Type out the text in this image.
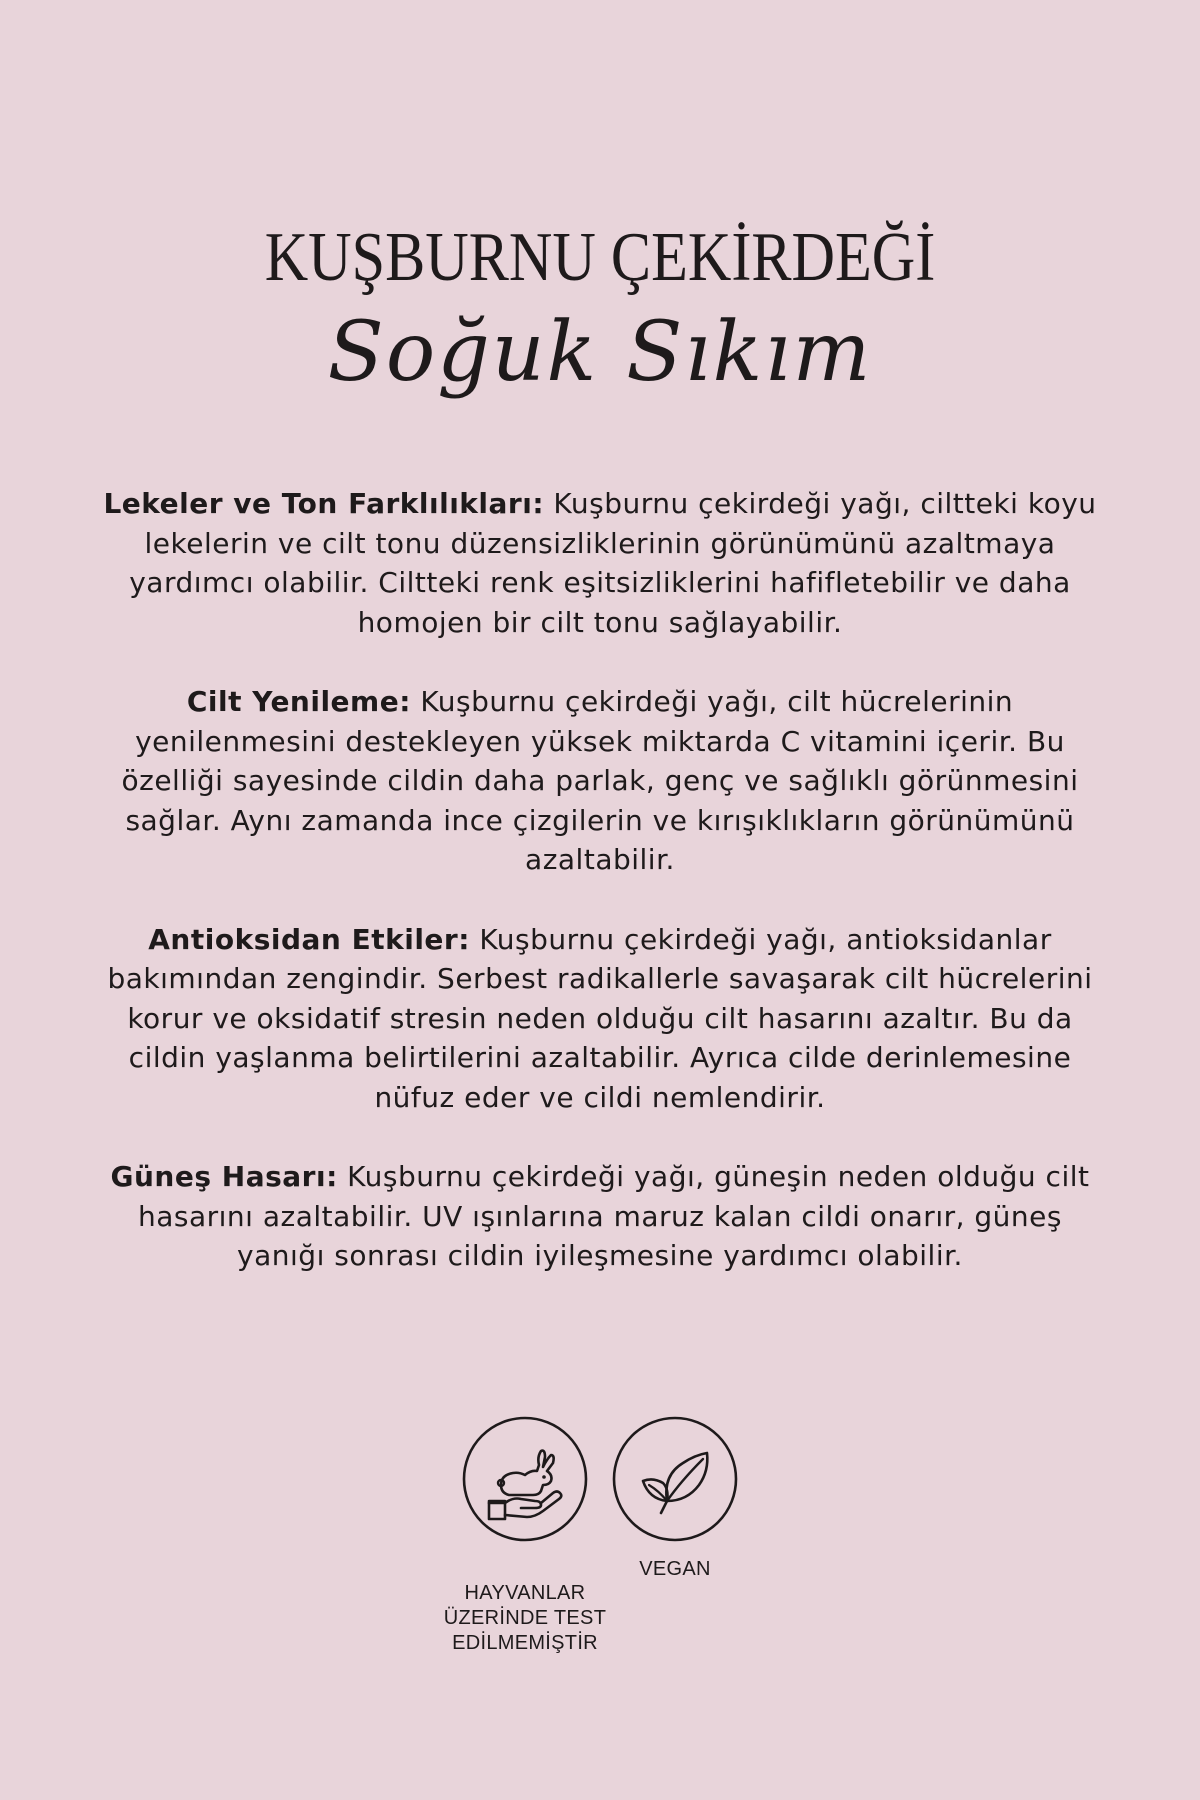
KUŞBURNU ÇEKİRDEĞİ
Soğuk Sıkım

Lekeler ve Ton Farklılıkları: Kuşburnu çekirdeği yağı, ciltteki koyu lekelerin ve cilt tonu düzensizliklerinin görünümünü azaltmaya yardımcı olabilir. Ciltteki renk eşitsizliklerini hafifletebilir ve daha homojen bir cilt tonu sağlayabilir.

Cilt Yenileme: Kuşburnu çekirdeği yağı, cilt hücrelerinin yenilenmesini destekleyen yüksek miktarda C vitamini içerir. Bu özelliği sayesinde cildin daha parlak, genç ve sağlıklı görünmesini sağlar. Aynı zamanda ince çizgilerin ve kırışıklıkların görünümünü azaltabilir.

Antioksidan Etkiler: Kuşburnu çekirdeği yağı, antioksidanlar bakımından zengindir. Serbest radikallerle savaşarak cilt hücrelerini korur ve oksidatif stresin neden olduğu cilt hasarını azaltır. Bu da cildin yaşlanma belirtilerini azaltabilir. Ayrıca cilde derinlemesine nüfuz eder ve cildi nemlendirir.

Güneş Hasarı: Kuşburnu çekirdeği yağı, güneşin neden olduğu cilt hasarını azaltabilir. UV ışınlarına maruz kalan cildi onarır, güneş yanığı sonrası cildin iyileşmesine yardımcı olabilir.

HAYVANLAR
ÜZERİNDE TEST
EDİLMEMİŞTİR
VEGAN
